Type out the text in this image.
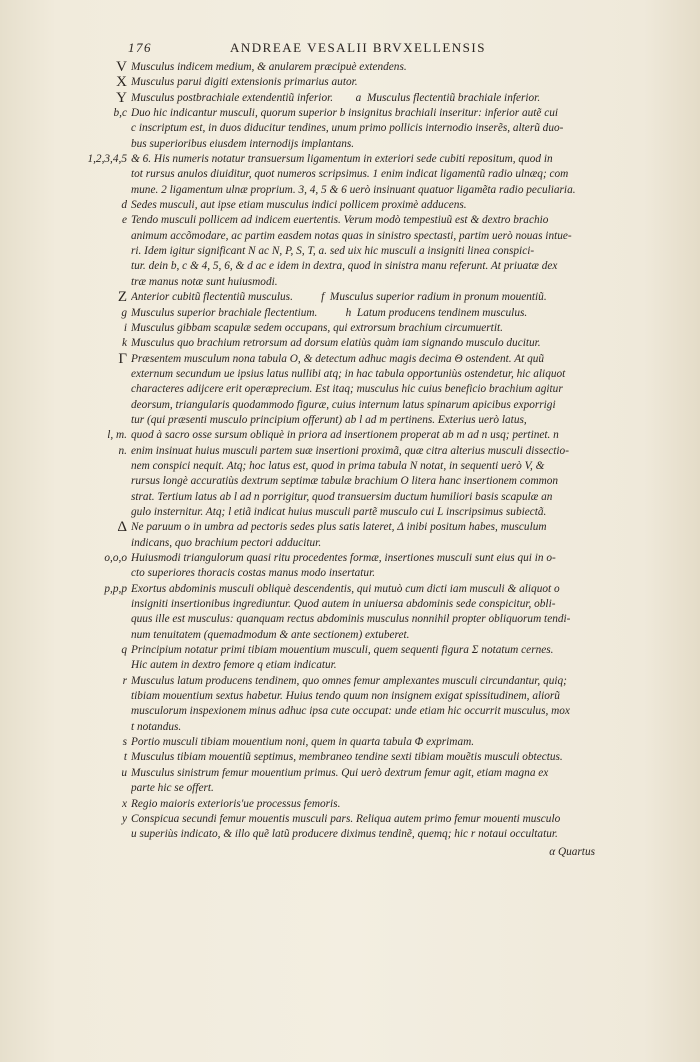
176	ANDREAE VESALII BRVXELLENSIS
V Musculus indicem medium, & anularem præcipuè extendens.
X Musculus parui digiti extensionis primarius autor.
Y Musculus postbrachiale extendentiũ inferior.        a  Musculus flectentiũ brachiale inferior.
b,c Duo hic indicantur musculi, quorum superior b insignitus brachiali inseritur: inferior autẽ cui
c inscriptum est, in duos diducitur tendines, unum primo pollicis internodio inserẽs, alterũ duo-
bus superioribus eiusdem internodijs implantans.
1,2,3,4,5 & 6. His numeris notatur transuersum ligamentum in exteriori sede cubiti repositum, quod in
tot rursus anulos diuiditur, quot numeros scripsimus. 1 enim indicat ligamentũ radio ulnæq; com
mune. 2 ligamentum ulnæ proprium. 3, 4, 5 & 6 uerò insinuant quatuor ligamẽta radio peculiaria.
d Sedes musculi, aut ipse etiam musculus indici pollicem proximè adducens.
e Tendo musculi pollicem ad indicem euertentis. Verum modò tempestiuũ est & dextro brachio
animum accõmodare, ac partim easdem notas quas in sinistro spectasti, partim uerò nouas intue-
ri. Idem igitur significant N ac N, P, S, T, a. sed uix hic musculi a insigniti linea conspici-
tur. dein b, c & 4, 5, 6, & d ac e idem in dextra, quod in sinistra manu referunt. At priuatæ dex
træ manus notæ sunt huiusmodi.
Z Anterior cubitũ flectentiũ musculus.          f  Musculus superior radium in pronum mouentiũ.
g Musculus superior brachiale flectentium.          h  Latum producens tendinem musculus.
i Musculus gibbam scapulæ sedem occupans, qui extrorsum brachium circumuertit.
k Musculus quo brachium retrorsum ad dorsum elatiùs quàm iam signando musculo ducitur.
Γ Præsentem musculum nona tabula O, & detectum adhuc magis decima Θ ostendent. At quũ
externum secundum ue ipsius latus nullibi atq; in hac tabula opportuniùs ostendetur, hic aliquot
characteres adijcere erit operæprecium. Est itaq; musculus hic cuius beneficio brachium agitur
deorsum, triangularis quodammodo figuræ, cuius internum latus spinarum apicibus exporrigi
tur (qui præsenti musculo principium offerunt) ab l ad m pertinens. Exterius uerò latus,
l, m. quod à sacro osse sursum obliquè in priora ad insertionem properat ab m ad n usq; pertinet. n
n. enim insinuat huius musculi partem suæ insertioni proximã, quæ citra alterius musculi dissectio-
nem conspici nequit. Atq; hoc latus est, quod in prima tabula N notat, in sequenti uerò V, &
rursus longè accuratiùs dextrum septimæ tabulæ brachium O litera hanc insertionem common
strat. Tertium latus ab l ad n porrigitur, quod transuersim ductum humiliori basis scapulæ an
gulo insternitur. Atq; l etiã indicat huius musculi partẽ musculo cui L inscripsimus subiectã.
Δ Ne paruum o in umbra ad pectoris sedes plus satis lateret, Δ inibi positum habes, musculum
indicans, quo brachium pectori adducitur.
o,o,o Huiusmodi triangulorum quasi ritu procedentes formæ, insertiones musculi sunt eius qui in o-
cto superiores thoracis costas manus modo insertatur.
p,p,p Exortus abdominis musculi obliquè descendentis, qui mutuò cum dicti iam musculi & aliquot o
insigniti insertionibus ingrediuntur. Quod autem in uniuersa abdominis sede conspicitur, obli-
quus ille est musculus: quanquam rectus abdominis musculus nonnihil propter obliquorum tendi-
num tenuitatem (quemadmodum & ante sectionem) extuberet.
q Principium notatur primi tibiam mouentium musculi, quem sequenti figura Σ notatum cernes.
Hic autem in dextro femore q etiam indicatur.
r Musculus latum producens tendinem, quo omnes femur amplexantes musculi circundantur, quiq;
tibiam mouentium sextus habetur. Huius tendo quum non insignem exigat spissitudinem, aliorũ
musculorum inspexionem minus adhuc ipsa cute occupat: unde etiam hic occurrit musculus, mox
t notandus.
s Portio musculi tibiam mouentium noni, quem in quarta tabula Φ exprimam.
t Musculus tibiam mouentiũ septimus, membraneo tendine sexti tibiam mouẽtis musculi obtectus.
u Musculus sinistrum femur mouentium primus. Qui uerò dextrum femur agit, etiam magna ex
parte hic se offert.
x Regio maioris exterioris'ue processus femoris.
y Conspicua secundi femur mouentis musculi pars. Reliqua autem primo femur mouenti musculo
u superiùs indicato, & illo quẽ latũ producere diximus tendinẽ, quemq; hic r notaui occultatur.
α Quartus
